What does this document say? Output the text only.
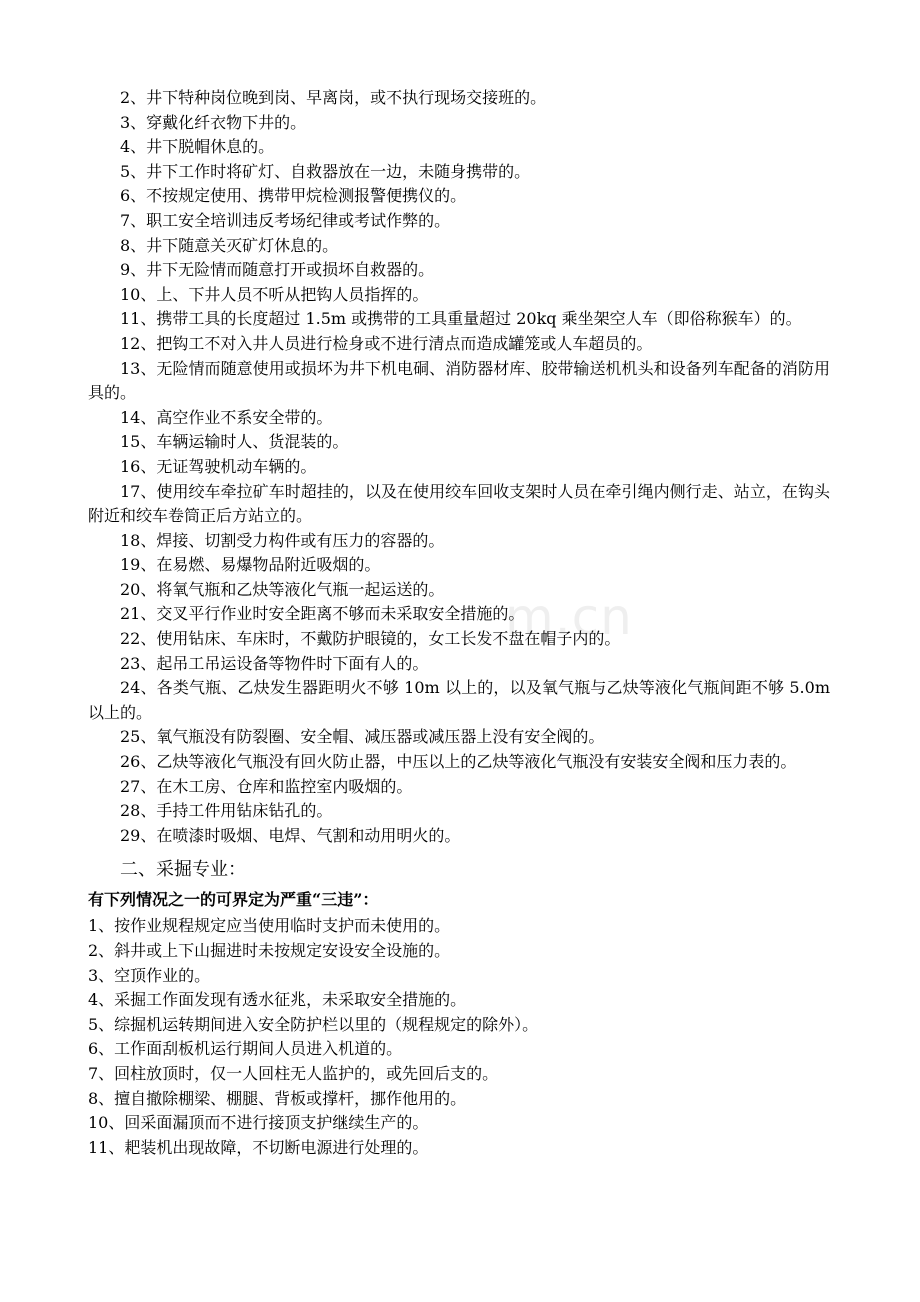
m.cn

2、井下特种岗位晚到岗、早离岗，或不执行现场交接班的。

3、穿戴化纤衣物下井的。

4、井下脱帽休息的。

5、井下工作时将矿灯、自救器放在一边，未随身携带的。

6、不按规定使用、携带甲烷检测报警便携仪的。

7、职工安全培训违反考场纪律或考试作弊的。

8、井下随意关灭矿灯休息的。

9、井下无险情而随意打开或损坏自救器的。

10、上、下井人员不听从把钩人员指挥的。

11、携带工具的长度超过 1.5m 或携带的工具重量超过 20kq 乘坐架空人车（即俗称猴车）的。

12、把钩工不对入井人员进行检身或不进行清点而造成罐笼或人车超员的。

13、无险情而随意使用或损坏为井下机电硐、消防器材库、胶带输送机机头和设备列车配备的消防用具的。

14、高空作业不系安全带的。

15、车辆运输时人、货混装的。

16、无证驾驶机动车辆的。

17、使用绞车牵拉矿车时超挂的，以及在使用绞车回收支架时人员在牵引绳内侧行走、站立，在钩头附近和绞车卷筒正后方站立的。

18、焊接、切割受力构件或有压力的容器的。

19、在易燃、易爆物品附近吸烟的。

20、将氧气瓶和乙炔等液化气瓶一起运送的。

21、交叉平行作业时安全距离不够而未采取安全措施的。

22、使用钻床、车床时，不戴防护眼镜的，女工长发不盘在帽子内的。

23、起吊工吊运设备等物件时下面有人的。

24、各类气瓶、乙炔发生器距明火不够 10m 以上的，以及氧气瓶与乙炔等液化气瓶间距不够 5.0m 以上的。

25、氧气瓶没有防裂圈、安全帽、减压器或减压器上没有安全阀的。

26、乙炔等液化气瓶没有回火防止器，中压以上的乙炔等液化气瓶没有安装安全阀和压力表的。

27、在木工房、仓库和监控室内吸烟的。

28、手持工件用钻床钻孔的。

29、在喷漆时吸烟、电焊、气割和动用明火的。

二、采掘专业：
有下列情况之一的可界定为严重“三违”：

1、按作业规程规定应当使用临时支护而未使用的。

2、斜井或上下山掘进时未按规定安设安全设施的。

3、空顶作业的。

4、采掘工作面发现有透水征兆，未采取安全措施的。

5、综掘机运转期间进入安全防护栏以里的（规程规定的除外）。

6、工作面刮板机运行期间人员进入机道的。

7、回柱放顶时，仅一人回柱无人监护的，或先回后支的。

8、擅自撤除棚梁、棚腿、背板或撑杆，挪作他用的。

10、回采面漏顶而不进行接顶支护继续生产的。

11、耙装机出现故障，不切断电源进行处理的。
